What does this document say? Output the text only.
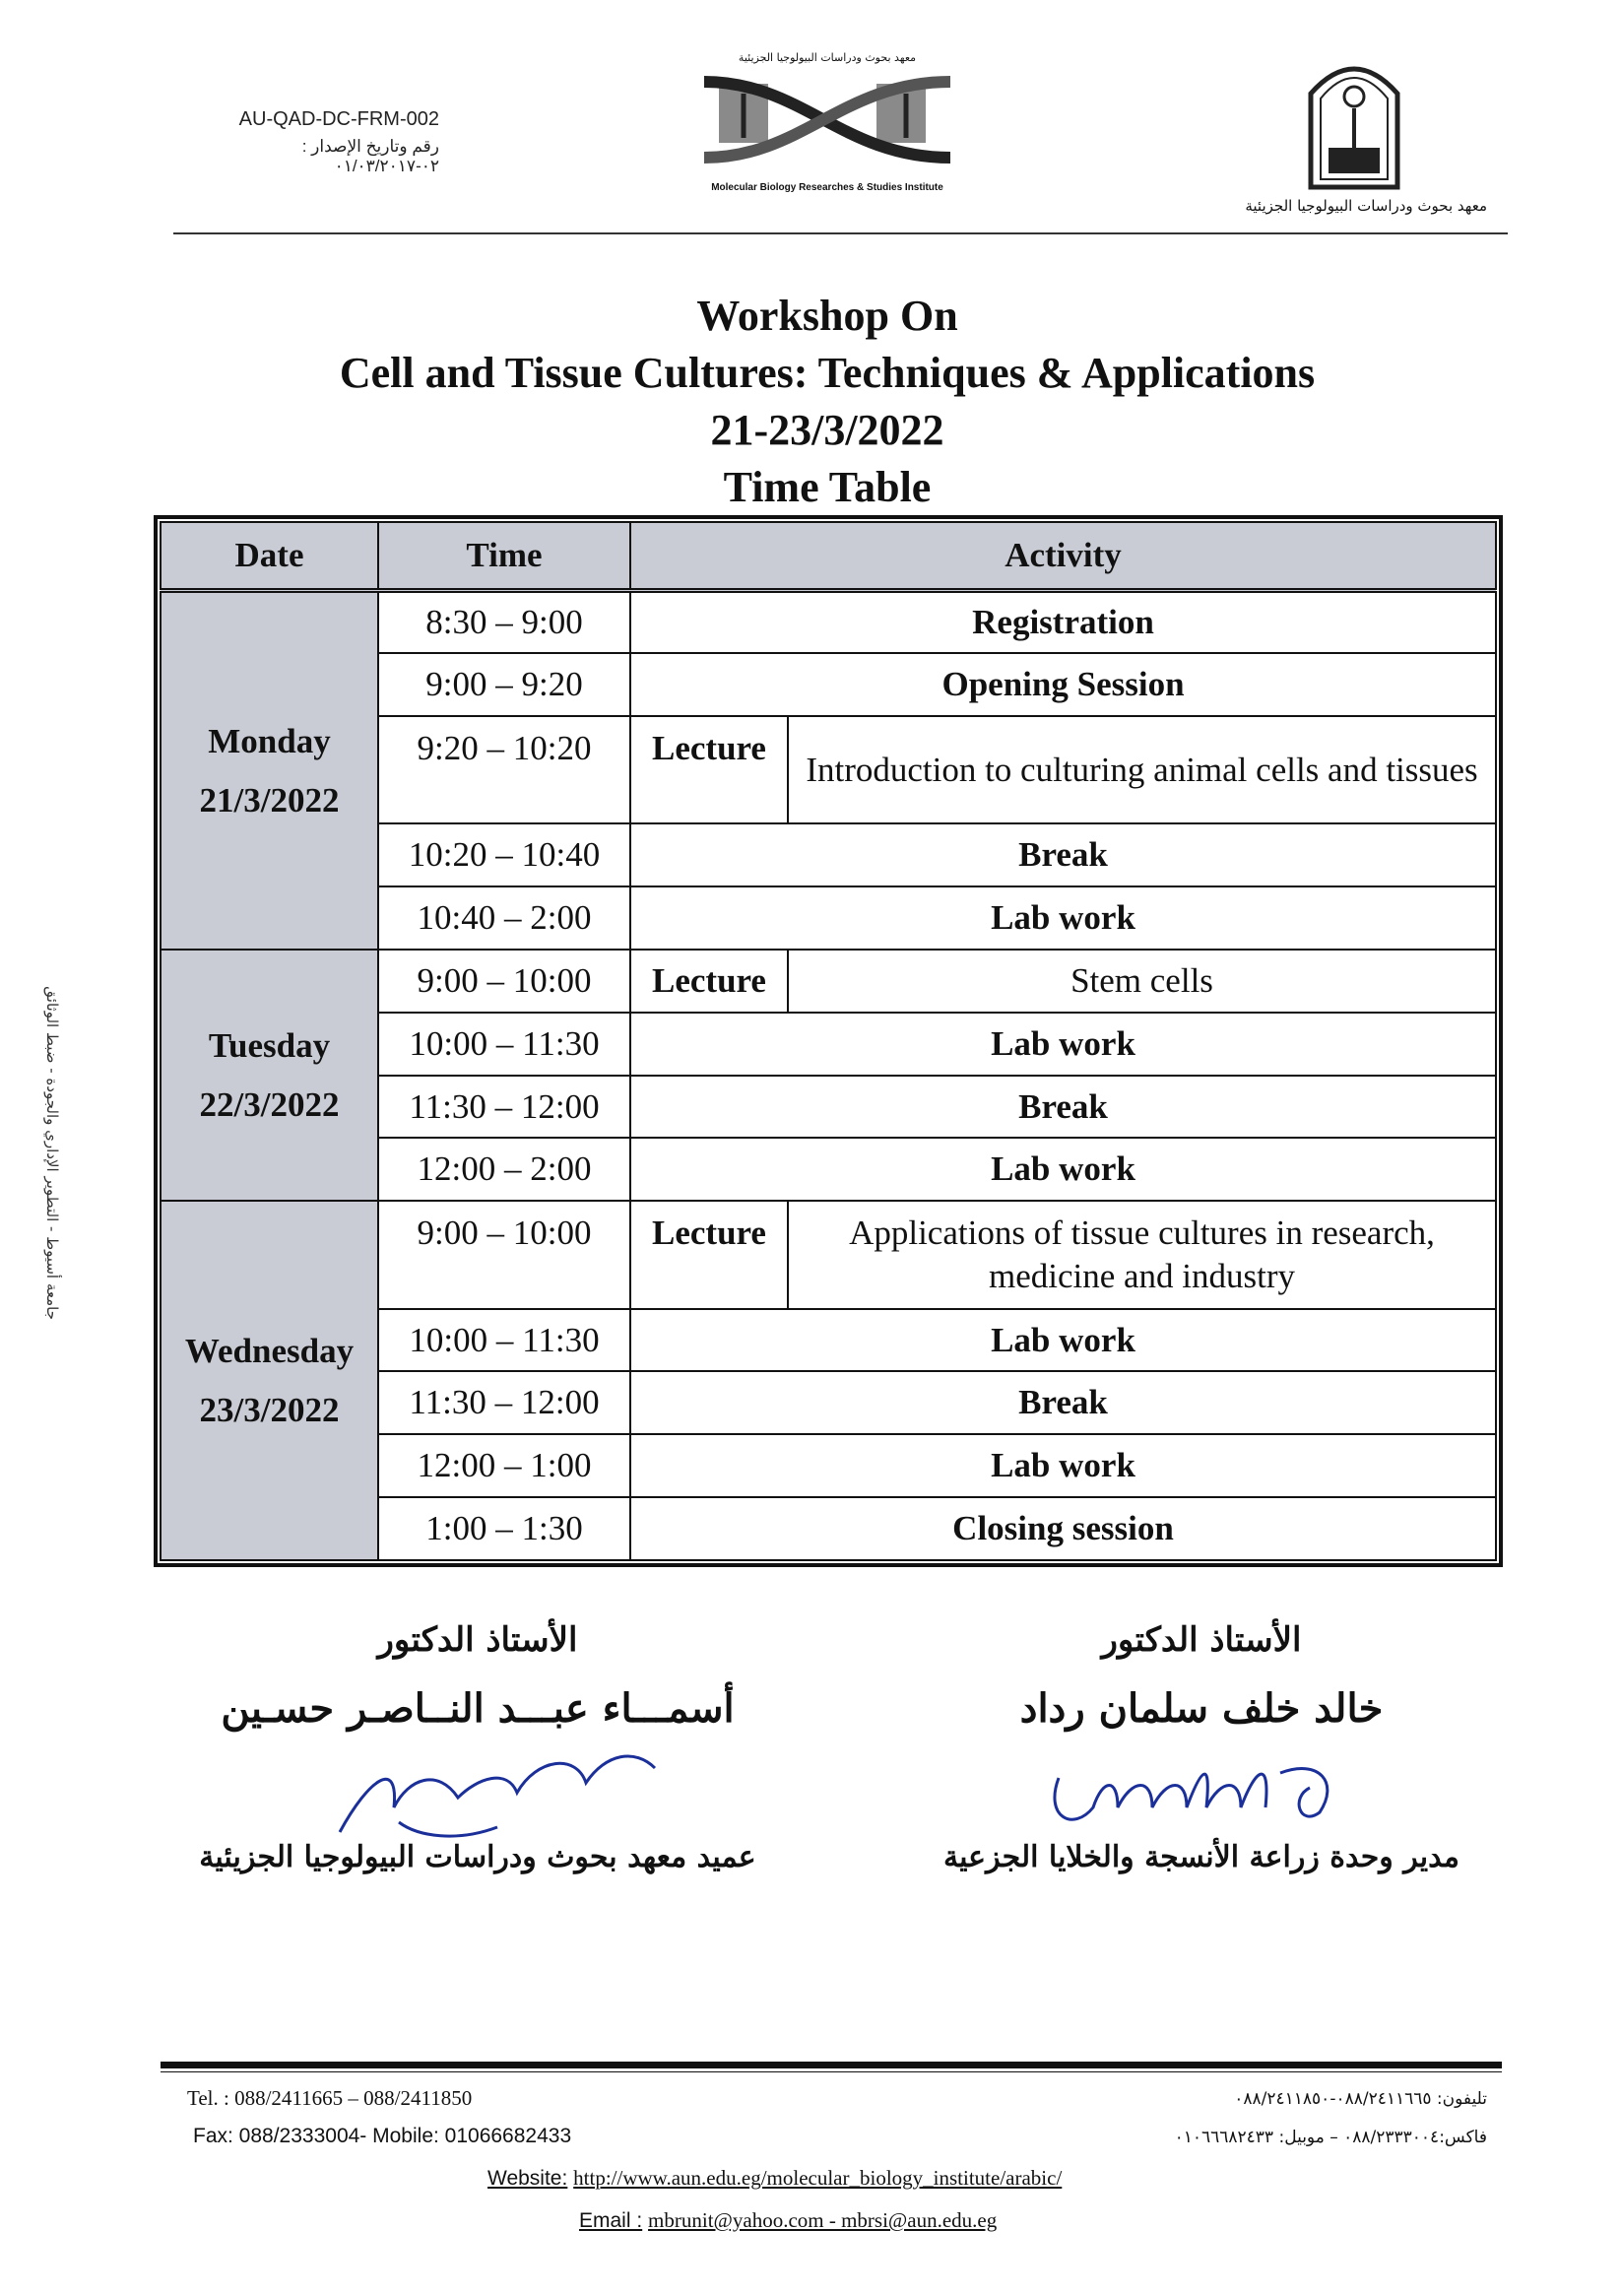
AU-QAD-DC-FRM-002
رقم وتاريخ الإصدار : ٠٢-٠١/٠٣/٢٠١٧
معهد بحوث ودراسات البيولوجيا الجزيئية
Molecular Biology Researches & Studies Institute
معهد بحوث ودراسات البيولوجيا الجزيئية
جامعة أسيوط - التطوير الإداري والجودة - ضبط الوثائق
Workshop On
Cell and Tissue Cultures: Techniques & Applications
21-23/3/2022
Time Table
Date	Time	Activity	

Monday
21/3/2022	8:30 – 9:00	Registration	
	9:00 – 9:20	Opening Session	
	9:20 – 10:20	Lecture	Introduction to culturing animal cells and tissues
	10:20 – 10:40	Break	
	10:40 – 2:00	Lab work	

Tuesday
22/3/2022	9:00 – 10:00	Lecture	Stem cells
	10:00 – 11:30	Lab work	
	11:30 – 12:00	Break	
	12:00 – 2:00	Lab work	

Wednesday
23/3/2022	9:00 – 10:00	Lecture	Applications of tissue cultures in research, medicine and industry
	10:00 – 11:30	Lab work	
	11:30 – 12:00	Break	
	12:00 – 1:00	Lab work	
	1:00 – 1:30	Closing session	
الأستاذ الدكتور
أسمـــاء عبـــد النــاصـر حسـين
عميد معهد بحوث ودراسات البيولوجيا الجزيئية
الأستاذ الدكتور
خالد خلف سلمان رداد
مدير وحدة زراعة الأنسجة والخلايا الجزعية
Tel. : 088/2411665 – 088/2411850
Fax: 088/2333004- Mobile: 01066682433
تليفون: ٠٨٨/٢٤١١٦٦٥-٠٨٨/٢٤١١٨٥٠
فاكس:٠٨٨/٢٣٣٣٠٠٤ – موبيل: ٠١٠٦٦٦٨٢٤٣٣
Website: http://www.aun.edu.eg/molecular_biology_institute/arabic/
Email : mbrunit@yahoo.com - mbrsi@aun.edu.eg
